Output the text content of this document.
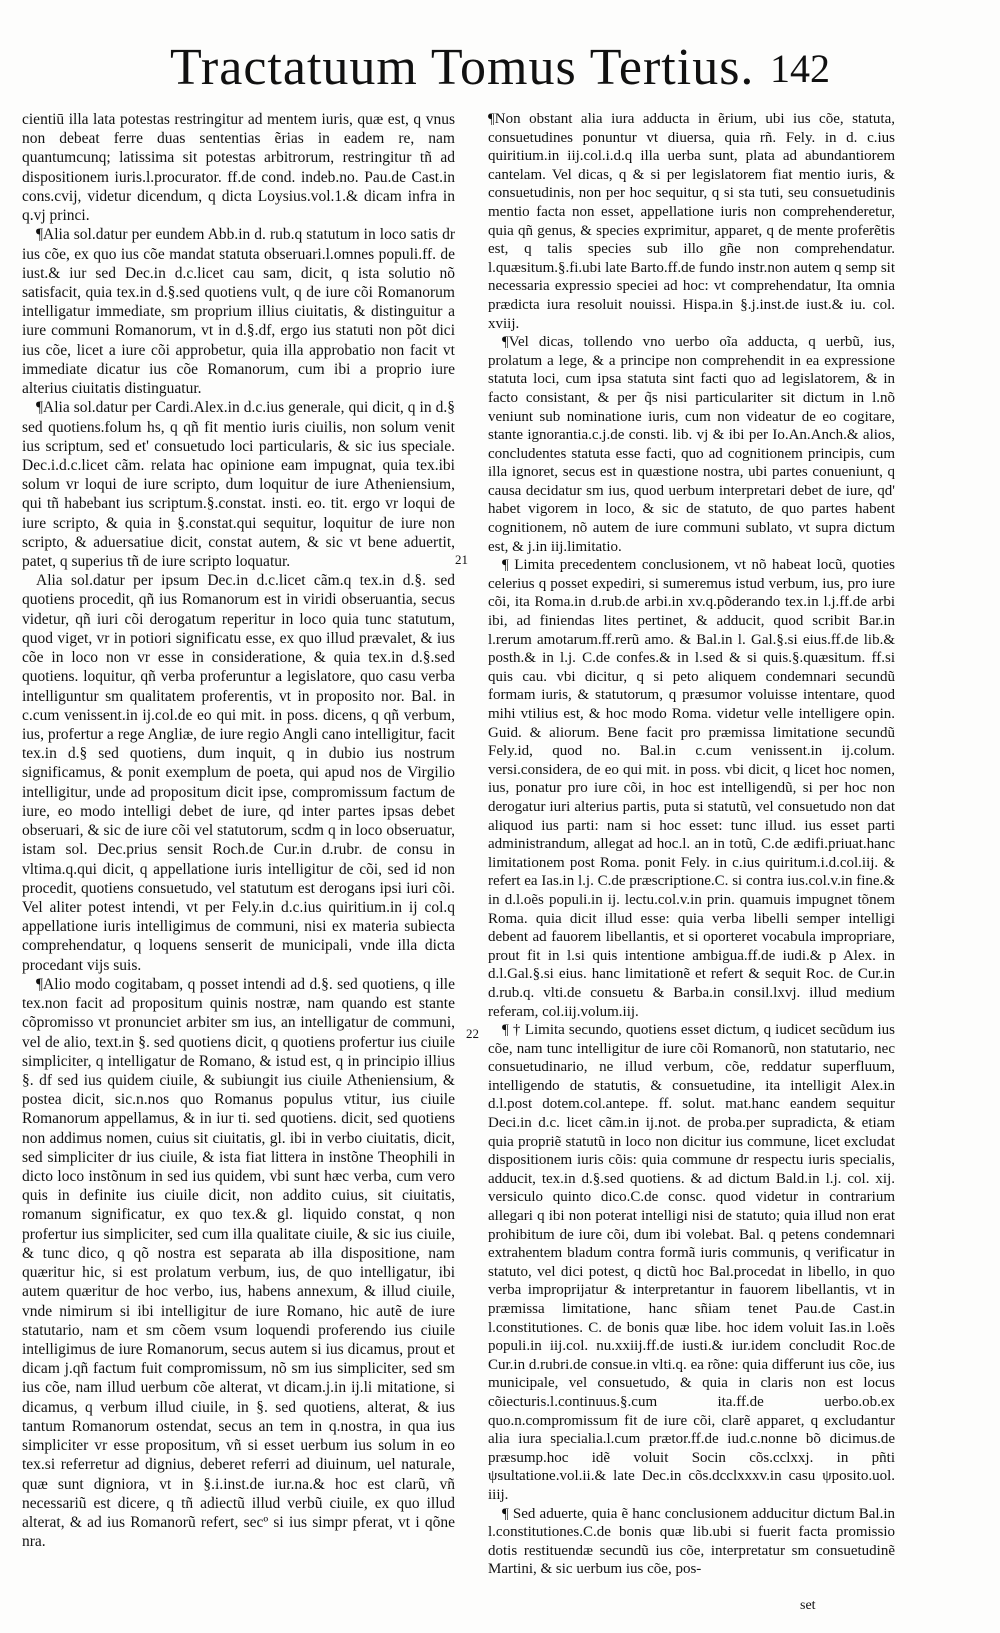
Tractatuum Tomus Tertius. 142

cientiū illa lata potestas restringitur ad mentem iuris, quæ est, q vnus non debeat ferre duas sententias ẽrias in eadem re, nam quantumcunq; latissima sit potestas arbitrorum, restringitur tñ ad dispositionem iuris.l.procurator. ff.de cond. indeb.no. Pau.de Cast.in cons.cvij, videtur dicendum, q dicta Loysius.vol.1.& dicam infra in q.vj princi.

¶Alia sol.datur per eundem Abb.in d. rub.q statutum in loco satis dr ius cõe, ex quo ius cõe mandat statuta obseruari.l.omnes populi.ff. de iust.& iur sed Dec.in d.c.licet cau sam, dicit, q ista solutio nõ satisfacit, quia tex.in d.§.sed quotiens vult, q de iure cõi Romanorum intelligatur immediate, sm proprium illius ciuitatis, & distinguitur a iure communi Romanorum, vt in d.§.df, ergo ius statuti non põt dici ius cõe, licet a iure cõi approbetur, quia illa approbatio non facit vt immediate dicatur ius cõe Romanorum, cum ibi a proprio iure alterius ciuitatis distinguatur.

¶Alia sol.datur per Cardi.Alex.in d.c.ius generale, qui dicit, q in d.§ sed quotiens.folum hs, q qñ fit mentio iuris ciuilis, non solum venit ius scriptum, sed et' consuetudo loci particularis, & sic ius speciale. Dec.i.d.c.licet cãm. relata hac opinione eam impugnat, quia tex.ibi solum vr loqui de iure scripto, dum loquitur de iure Atheniensium, qui tñ habebant ius scriptum.§.constat. insti. eo. tit. ergo vr loqui de iure scripto, & quia in §.constat.qui sequitur, loquitur de iure non scripto, & aduersatiue dicit, constat autem, & sic vt bene aduertit, patet, q superius tñ de iure scripto loquatur.

Alia sol.datur per ipsum Dec.in d.c.licet cãm.q tex.in d.§. sed quotiens procedit, qñ ius Romanorum est in viridi obseruantia, secus videtur, qñ iuri cõi derogatum reperitur in loco quia tunc statutum, quod viget, vr in potiori significatu esse, ex quo illud prævalet, & ius cõe in loco non vr esse in consideratione, & quia tex.in d.§.sed quotiens. loquitur, qñ verba proferuntur a legislatore, quo casu verba intelliguntur sm qualitatem proferentis, vt in proposito nor. Bal. in c.cum venissent.in ij.col.de eo qui mit. in poss. dicens, q qñ verbum, ius, profertur a rege Angliæ, de iure regio Angli cano intelligitur, facit tex.in d.§ sed quotiens, dum inquit, q in dubio ius nostrum significamus, & ponit exemplum de poeta, qui apud nos de Virgilio intelligitur, unde ad propositum dicit ipse, compromissum factum de iure, eo modo intelligi debet de iure, qd inter partes ipsas debet obseruari, & sic de iure cõi vel statutorum, scdm q in loco obseruatur, istam sol. Dec.prius sensit Roch.de Cur.in d.rubr. de consu in vltima.q.qui dicit, q appellatione iuris intelligitur de cõi, sed id non procedit, quotiens consuetudo, vel statutum est derogans ipsi iuri cõi. Vel aliter potest intendi, vt per Fely.in d.c.ius quiritium.in ij col.q appellatione iuris intelligimus de communi, nisi ex materia subiecta comprehendatur, q loquens senserit de municipali, vnde illa dicta procedant vijs suis.

¶Alio modo cogitabam, q posset intendi ad d.§. sed quotiens, q ille tex.non facit ad propositum quinis nostræ, nam quando est stante cõpromisso vt pronunciet arbiter sm ius, an intelligatur de communi, vel de alio, text.in §. sed quotiens dicit, q quotiens profertur ius ciuile simpliciter, q intelligatur de Romano, & istud est, q in principio illius §. df sed ius quidem ciuile, & subiungit ius ciuile Atheniensium, & postea dicit, sic.n.nos quo Romanus populus vtitur, ius ciuile Romanorum appellamus, & in iur ti. sed quotiens. dicit, sed quotiens non addimus nomen, cuius sit ciuitatis, gl. ibi in verbo ciuitatis, dicit, sed simpliciter dr ius ciuile, & ista fiat littera in instõne Theophili in dicto loco instõnum in sed ius quidem, vbi sunt hæc verba, cum vero quis in definite ius ciuile dicit, non addito cuius, sit ciuitatis, romanum significatur, ex quo tex.& gl. liquido constat, q non profertur ius simpliciter, sed cum illa qualitate ciuile, & sic ius ciuile, & tunc dico, q qõ nostra est separata ab illa dispositione, nam quæritur hic, si est prolatum verbum, ius, de quo intelligatur, ibi autem quæritur de hoc verbo, ius, habens annexum, & illud ciuile, vnde nimirum si ibi intelligitur de iure Romano, hic autẽ de iure statutario, nam et sm cõem vsum loquendi proferendo ius ciuile intelligimus de iure Romanorum, secus autem si ius dicamus, prout et dicam j.qñ factum fuit compromissum, nõ sm ius simpliciter, sed sm ius cõe, nam illud uerbum cõe alterat, vt dicam.j.in ij.li mitatione, si dicamus, q verbum illud ciuile, in §. sed quotiens, alterat, & ius tantum Romanorum ostendat, secus an tem in q.nostra, in qua ius simpliciter vr esse propositum, vñ si esset uerbum ius solum in eo tex.si referretur ad dignius, deberet referri ad diuinum, uel naturale, quæ sunt digniora, vt in §.i.inst.de iur.na.& hoc est clarũ, vñ necessariũ est dicere, q tñ adiectũ illud verbũ ciuile, ex quo illud alterat, & ad ius Romanorũ refert, secº si ius simpr pferat, vt i qõne nra.

21
22

¶Non obstant alia iura adducta in ẽrium, ubi ius cõe, statuta, consuetudines ponuntur vt diuersa, quia rñ. Fely. in d. c.ius quiritium.in iij.col.i.d.q illa uerba sunt, plata ad abundantiorem cantelam. Vel dicas, q & si per legislatorem fiat mentio iuris, & consuetudinis, non per hoc sequitur, q si sta tuti, seu consuetudinis mentio facta non esset, appellatione iuris non comprehenderetur, quia qñ genus, & species exprimitur, apparet, q de mente proferẽtis est, q talis species sub illo gñe non comprehendatur. l.quæsitum.§.fi.ubi late Barto.ff.de fundo instr.non autem q semp sit necessaria expressio speciei ad hoc: vt comprehendatur, Ita omnia prædicta iura resoluit nouissi. Hispa.in §.j.inst.de iust.& iu. col. xviij.

¶Vel dicas, tollendo vno uerbo oĩa adducta, q uerbũ, ius, prolatum a lege, & a principe non comprehendit in ea expressione statuta loci, cum ipsa statuta sint facti quo ad legislatorem, & in facto consistant, & per q̃s nisi particulariter sit dictum in l.nõ veniunt sub nominatione iuris, cum non videatur de eo cogitare, stante ignorantia.c.j.de consti. lib. vj & ibi per Io.An.Anch.& alios, concludentes statuta esse facti, quo ad cognitionem principis, cum illa ignoret, secus est in quæstione nostra, ubi partes conueniunt, q causa decidatur sm ius, quod uerbum interpretari debet de iure, qd' habet vigorem in loco, & sic de statuto, de quo partes habent cognitionem, nõ autem de iure communi sublato, vt supra dictum est, & j.in iij.limitatio.

¶ Limita precedentem conclusionem, vt nõ habeat locũ, quoties celerius q posset expediri, si sumeremus istud verbum, ius, pro iure cõi, ita Roma.in d.rub.de arbi.in xv.q.põderando tex.in l.j.ff.de arbi ibi, ad finiendas lites pertinet, & adducit, quod scribit Bar.in l.rerum amotarum.ff.rerũ amo. & Bal.in l. Gal.§.si eius.ff.de lib.& posth.& in l.j. C.de confes.& in l.sed & si quis.§.quæsitum. ff.si quis cau. vbi dicitur, q si peto aliquem condemnari secundũ formam iuris, & statutorum, q præsumor voluisse intentare, quod mihi vtilius est, & hoc modo Roma. videtur velle intelligere opin. Guid. & aliorum. Bene facit pro præmissa limitatione secundũ Fely.id, quod no. Bal.in c.cum venissent.in ij.colum. versi.considera, de eo qui mit. in poss. vbi dicit, q licet hoc nomen, ius, ponatur pro iure cõi, in hoc est intelligendũ, si per hoc non derogatur iuri alterius partis, puta si statutũ, vel consuetudo non dat aliquod ius parti: nam si hoc esset: tunc illud. ius esset parti administrandum, allegat ad hoc.l. an in totũ, C.de ædifi.priuat.hanc limitationem post Roma. ponit Fely. in c.ius quiritum.i.d.col.iij. & refert ea Ias.in l.j. C.de præscriptione.C. si contra ius.col.v.in fine.& in d.l.oẽs populi.in ij. lectu.col.v.in prin. quamuis impugnet tõnem Roma. quia dicit illud esse: quia verba libelli semper intelligi debent ad fauorem libellantis, et si oporteret vocabula impropriare, prout fit in l.si quis intentione ambigua.ff.de iudi.& p Alex. in d.l.Gal.§.si eius. hanc limitationẽ et refert & sequit Roc. de Cur.in d.rub.q. vlti.de consuetu & Barba.in consil.lxvj. illud medium referam, col.iij.volum.iij.

¶ † Limita secundo, quotiens esset dictum, q iudicet secũdum ius cõe, nam tunc intelligitur de iure cõi Romanorũ, non statutario, nec consuetudinario, ne illud verbum, cõe, reddatur superfluum, intelligendo de statutis, & consuetudine, ita intelligit Alex.in d.l.post dotem.col.antepe. ff. solut. mat.hanc eandem sequitur Deci.in d.c. licet cãm.in ij.not. de proba.per supradicta, & etiam quia propriẽ statutũ in loco non dicitur ius commune, licet excludat dispositionem iuris cõis: quia commune dr respectu iuris specialis, adducit, tex.in d.§.sed quotiens. & ad dictum Bald.in l.j. col. xij. versiculo quinto dico.C.de consc. quod videtur in contrarium allegari q ibi non poterat intelligi nisi de statuto; quia illud non erat prohibitum de iure cõi, dum ibi volebat. Bal. q petens condemnari extrahentem bladum contra formã iuris communis, q verificatur in statuto, vel dici potest, q dictũ hoc Bal.procedat in libello, in quo verba improprijatur & interpretantur in fauorem libellantis, vt in præmissa limitatione, hanc sñiam tenet Pau.de Cast.in l.constitutiones. C. de bonis quæ libe. hoc idem voluit Ias.in l.oẽs populi.in iij.col. nu.xxiij.ff.de iusti.& iur.idem concludit Roc.de Cur.in d.rubri.de consue.in vlti.q. ea rõne: quia differunt ius cõe, ius municipale, vel consuetudo, & quia in claris non est locus cõiecturis.l.continuus.§.cum ita.ff.de uerbo.ob.ex quo.n.compromissum fit de iure cõi, clarẽ apparet, q excludantur alia iura specialia.l.cum prætor.ff.de iud.c.nonne bõ dicimus.de præsump.hoc idẽ voluit Socin cõs.cclxxj. in pñti ψsultatione.vol.ii.& late Dec.in cõs.dcclxxxv.in casu ψposito.uol. iiij.

¶ Sed aduerte, quia ẽ hanc conclusionem adducitur dictum Bal.in l.constitutiones.C.de bonis quæ lib.ubi si fuerit facta promissio dotis restituendæ secundũ ius cõe, interpretatur sm consuetudinẽ Martini, & sic uerbum ius cõe, pos-

set
